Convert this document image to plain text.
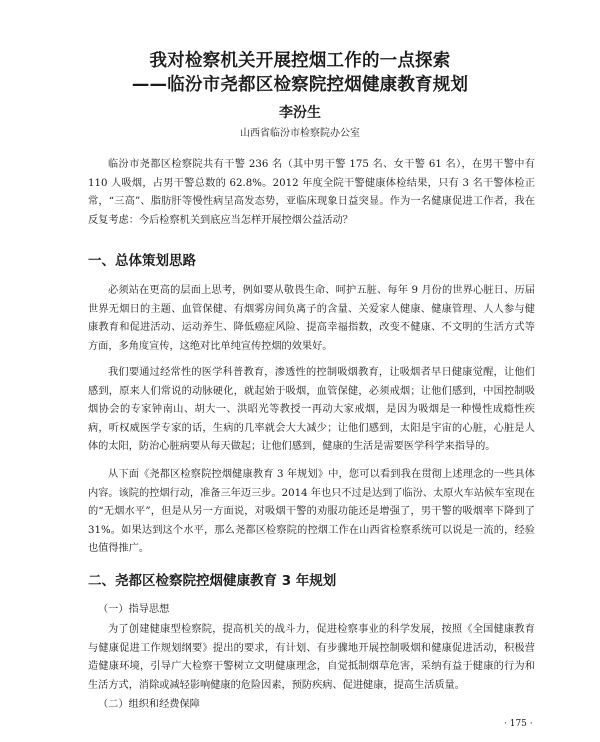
我对检察机关开展控烟工作的一点探索
——临汾市尧都区检察院控烟健康教育规划
李汾生
山西省临汾市检察院办公室

临汾市尧都区检察院共有干警 236 名（其中男干警 175 名、女干警 61 名），在男干警中有 110 人吸烟，占男干警总数的 62.8%。2012 年度全院干警健康体检结果，只有 3 名干警体检正常，“三高”、脂肪肝等慢性病呈高发态势，亚临床现象日益突显。作为一名健康促进工作者，我在反复考虑：今后检察机关到底应当怎样开展控烟公益活动？

一、总体策划思路

必须站在更高的层面上思考，例如要从敬畏生命、呵护五脏、每年 9 月份的世界心脏日、历届世界无烟日的主题、血管保健、有烟雾房间负离子的含量、关爱家人健康、健康管理、人人参与健康教育和促进活动、运动养生、降低癌症风险、提高幸福指数，改变不健康、不文明的生活方式等方面，多角度宣传，这绝对比单纯宣传控烟的效果好。

我们要通过经常性的医学科普教育，渗透性的控制吸烟教育，让吸烟者早日健康觉醒，让他们感到，原来人们常说的动脉硬化，就起始于吸烟，血管保健，必须戒烟；让他们感到，中国控制吸烟协会的专家钟南山、胡大一、洪昭光等教授一再动大家戒烟，是因为吸烟是一种慢性成瘾性疾病，听权威医学专家的话，生病的几率就会大大减少；让他们感到，太阳是宇宙的心脏，心脏是人体的太阳，防治心脏病要从每天做起；让他们感到，健康的生活是需要医学科学来指导的。

从下面《尧都区检察院控烟健康教育 3 年规划》中，您可以看到我在贯彻上述理念的一些具体内容。该院的控烟行动，准备三年迈三步。2014 年也只不过是达到了临汾、太原火车站候车室现在的“无烟水平”，但是从另一方面说，对吸烟干警的劝服功能还是增强了，男干警的吸烟率下降到了 31%。如果达到这个水平，那么尧都区检察院的控烟工作在山西省检察系统可以说是一流的，经验也值得推广。

二、尧都区检察院控烟健康教育 3 年规划
（一）指导思想

为了创建健康型检察院，提高机关的战斗力，促进检察事业的科学发展，按照《全国健康教育与健康促进工作规划纲要》提出的要求，有计划、有步骤地开展控制吸烟和健康促进活动，积极营造健康环境，引导广大检察干警树立文明健康理念，自觉抵制烟草危害，采纳有益于健康的行为和生活方式，消除或减轻影响健康的危险因素，预防疾病、促进健康，提高生活质量。

（二）组织和经费保障
· 175 ·
